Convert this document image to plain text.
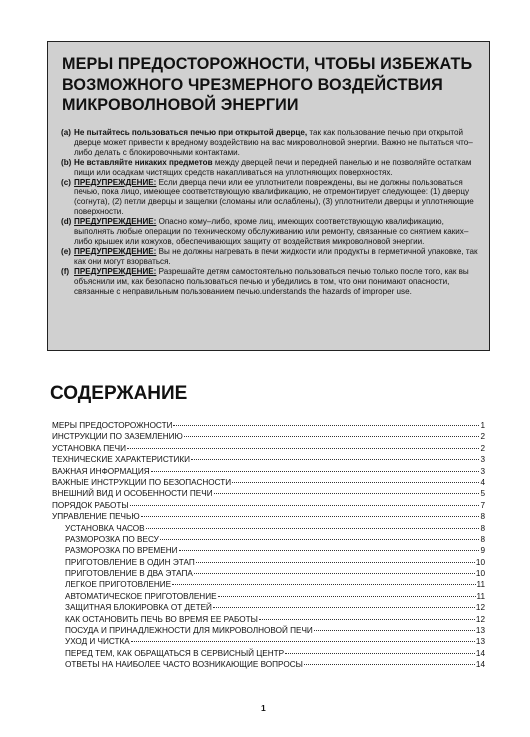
МЕРЫ ПРЕДОСТОРОЖНОСТИ, ЧТОБЫ ИЗБЕЖАТЬ ВОЗМОЖНОГО ЧРЕЗМЕРНОГО ВОЗДЕЙСТВИЯ МИКРОВОЛНОВОЙ ЭНЕРГИИ
(a) Не пытайтесь пользоваться печью при открытой дверце, так как пользование печью при открытой дверце может привести к вредному воздействию на вас микроволновой энергии. Важно не пытаться что–либо делать с блокировочными контактами.
(b) Не вставляйте никаких предметов между дверцей печи и передней панелью и не позволяйте остаткам пищи или осадкам чистящих средств накапливаться на уплотняющих поверхностях.
(c) ПРЕДУПРЕЖДЕНИЕ: Если дверца печи или ее уплотнители повреждены, вы не должны пользоваться печью, пока лицо, имеющее соответствующую квалификацию, не отремонтирует следующее: (1) дверцу (согнута), (2) петли дверцы и защелки (сломаны или ослаблены), (3) уплотнители дверцы и уплотняющие поверхности.
(d) ПРЕДУПРЕЖДЕНИЕ: Опасно кому–либо, кроме лиц, имеющих соответствующую квалификацию, выполнять любые операции по техническому обслуживанию или ремонту, связанные со снятием каких–либо крышек или кожухов, обеспечивающих защиту от воздействия микроволновой энергии.
(e) ПРЕДУПРЕЖДЕНИЕ: Вы не должны нагревать в печи жидкости или продукты в герметичной упаковке, так как они могут взорваться.
(f) ПРЕДУПРЕЖДЕНИЕ: Разрешайте детям самостоятельно пользоваться печью только после того, как вы объяснили им, как безопасно пользоваться печью и убедились в том, что они понимают опасности, связанные с неправильным пользованием печью.understands the hazards of improper use.
СОДЕРЖАНИЕ
МЕРЫ ПРЕДОСТОРОЖНОСТИ	1
ИНСТРУКЦИИ ПО ЗАЗЕМЛЕНИЮ	2
УСТАНОВКА ПЕЧИ	2
ТЕХНИЧЕСКИЕ ХАРАКТЕРИСТИКИ	3
ВАЖНАЯ ИНФОРМАЦИЯ	3
ВАЖНЫЕ ИНСТРУКЦИИ ПО БЕЗОПАСНОСТИ	4
ВНЕШНИЙ ВИД И ОСОБЕННОСТИ ПЕЧИ	5
ПОРЯДОК РАБОТЫ	7
УПРАВЛЕНИЕ ПЕЧЬЮ	8
УСТАНОВКА ЧАСОВ	8
РАЗМОРОЗКА ПО ВЕСУ	8
РАЗМОРОЗКА ПО ВРЕМЕНИ	9
ПРИГОТОВЛЕНИЕ В ОДИН ЭТАП	10
ПРИГОТОВЛЕНИЕ В ДВА ЭТАПА	10
ЛЕГКОЕ ПРИГОТОВЛЕНИЕ	11
АВТОМАТИЧЕСКОЕ ПРИГОТОВЛЕНИЕ	11
ЗАЩИТНАЯ БЛОКИРОВКА ОТ ДЕТЕЙ	12
КАК ОСТАНОВИТЬ ПЕЧЬ ВО ВРЕМЯ ЕЕ РАБОТЫ	12
ПОСУДА И ПРИНАДЛЕЖНОСТИ ДЛЯ МИКРОВОЛНОВОЙ ПЕЧИ	13
УХОД И ЧИСТКА	13
ПЕРЕД ТЕМ, КАК ОБРАЩАТЬСЯ В СЕРВИСНЫЙ ЦЕНТР	14
ОТВЕТЫ НА НАИБОЛЕЕ ЧАСТО ВОЗНИКАЮЩИЕ ВОПРОСЫ	14
1
